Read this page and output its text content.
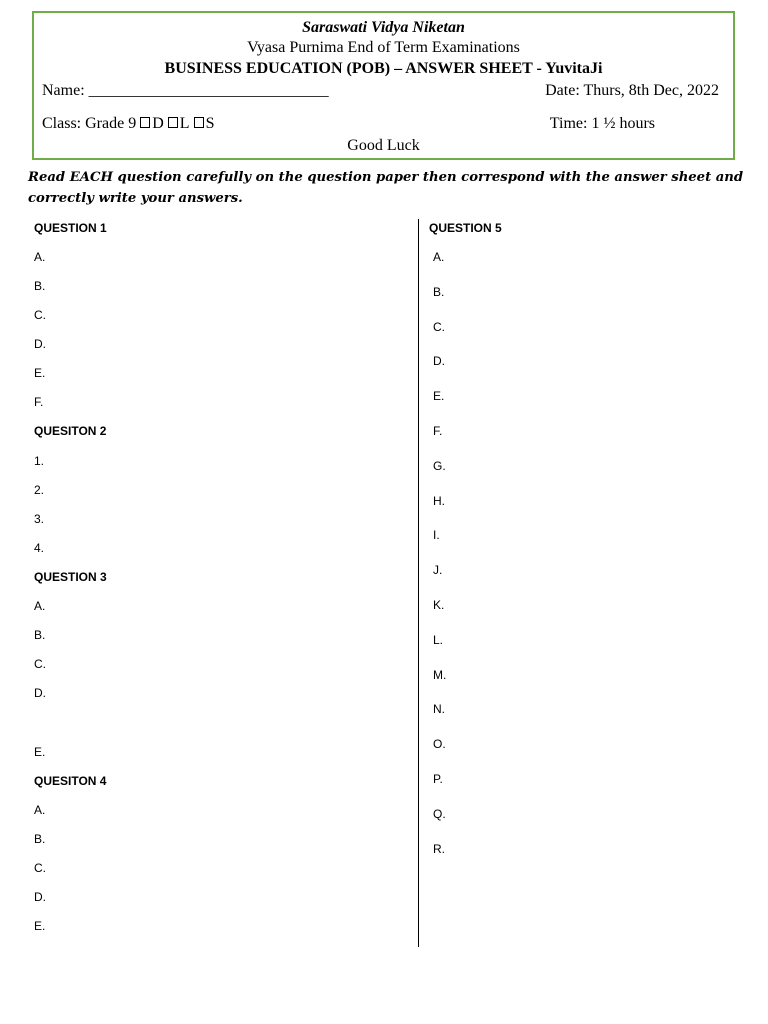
Saraswati Vidya Niketan
Vyasa Purnima End of Term Examinations
BUSINESS EDUCATION (POB) – ANSWER SHEET - YuvitaJi
Name: ______________________________	Date: Thurs, 8th Dec, 2022
Class: Grade 9 D L S	Time: 1 ½ hours
Good Luck
Read EACH question carefully on the question paper then correspond with the answer sheet and correctly write your answers.
QUESTION 1
A.
B.
C.
D.
E.
F.
QUESITON 2
1.
2.
3.
4.
QUESTION 3
A.
B.
C.
D.
E.
QUESITON 4
A.
B.
C.
D.
E.
QUESTION 5
A.
B.
C.
D.
E.
F.
G.
H.
I.
J.
K.
L.
M.
N.
O.
P.
Q.
R.
